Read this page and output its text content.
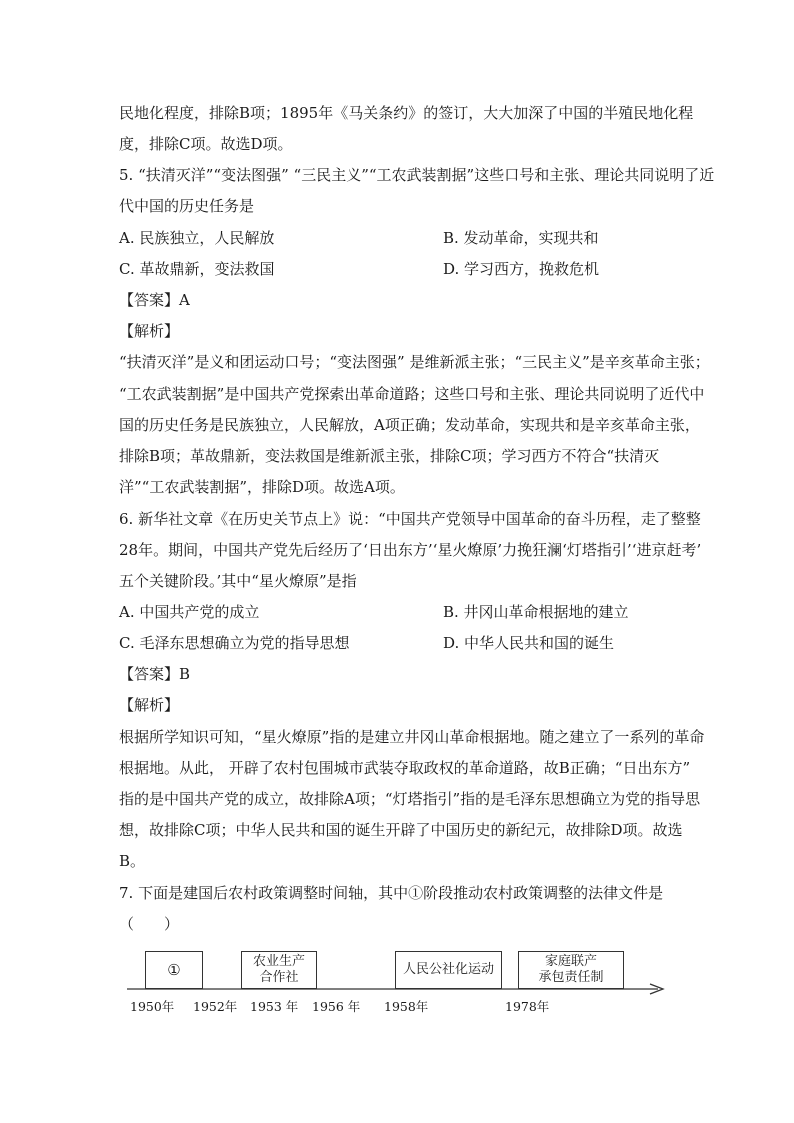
民地化程度，排除B项；1895年《马关条约》的签订，大大加深了中国的半殖民地化程
度，排除C项。故选D项。
5. “扶清灭洋”“变法图强” “三民主义”“工农武装割据”这些口号和主张、理论共同说明了近
代中国的历史任务是
A. 民族独立，人民解放	B. 发动革命，实现共和
C. 革故鼎新，变法救国	D. 学习西方，挽救危机
【答案】A
【解析】
“扶清灭洋”是义和团运动口号；“变法图强” 是维新派主张；“三民主义”是辛亥革命主张；
“工农武装割据”是中国共产党探索出革命道路；这些口号和主张、理论共同说明了近代中
国的历史任务是民族独立，人民解放，A项正确；发动革命，实现共和是辛亥革命主张，
排除B项；革故鼎新，变法救国是维新派主张，排除C项；学习西方不符合“扶清灭
洋”“工农武装割据”，排除D项。故选A项。
6. 新华社文章《在历史关节点上》说：“中国共产党领导中国革命的奋斗历程，走了整整
28年。期间，中国共产党先后经历了‘日出东方’‘星火燎原’力挽狂澜‘灯塔指引’‘进京赶考’
五个关键阶段。’其中“星火燎原”是指
A. 中国共产党的成立	B. 井冈山革命根据地的建立
C. 毛泽东思想确立为党的指导思想	D. 中华人民共和国的诞生
【答案】B
【解析】
根据所学知识可知，“星火燎原”指的是建立井冈山革命根据地。随之建立了一系列的革命
根据地。从此， 开辟了农村包围城市武装夺取政权的革命道路，故B正确；“日出东方”
指的是中国共产党的成立，故排除A项；“灯塔指引”指的是毛泽东思想确立为党的指导思
想，故排除C项；中华人民共和国的诞生开辟了中国历史的新纪元，故排除D项。故选
B。
7. 下面是建国后农村政策调整时间轴，其中①阶段推动农村政策调整的法律文件是
（　　）
①	农业生产
合作社
人民公社化运动
家庭联产
承包责任制
1950年 1952年 1953 年 1956 年 1958年	1978年
